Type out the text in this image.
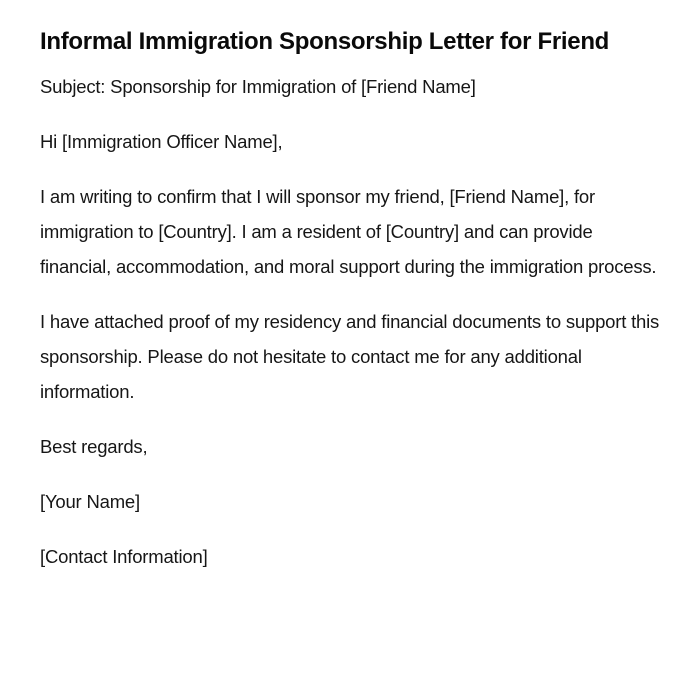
Informal Immigration Sponsorship Letter for Friend

Subject: Sponsorship for Immigration of [Friend Name]

Hi [Immigration Officer Name],

I am writing to confirm that I will sponsor my friend, [Friend Name], for immigration to [Country]. I am a resident of [Country] and can provide financial, accommodation, and moral support during the immigration process.

I have attached proof of my residency and financial documents to support this sponsorship. Please do not hesitate to contact me for any additional information.

Best regards,

[Your Name]

[Contact Information]
